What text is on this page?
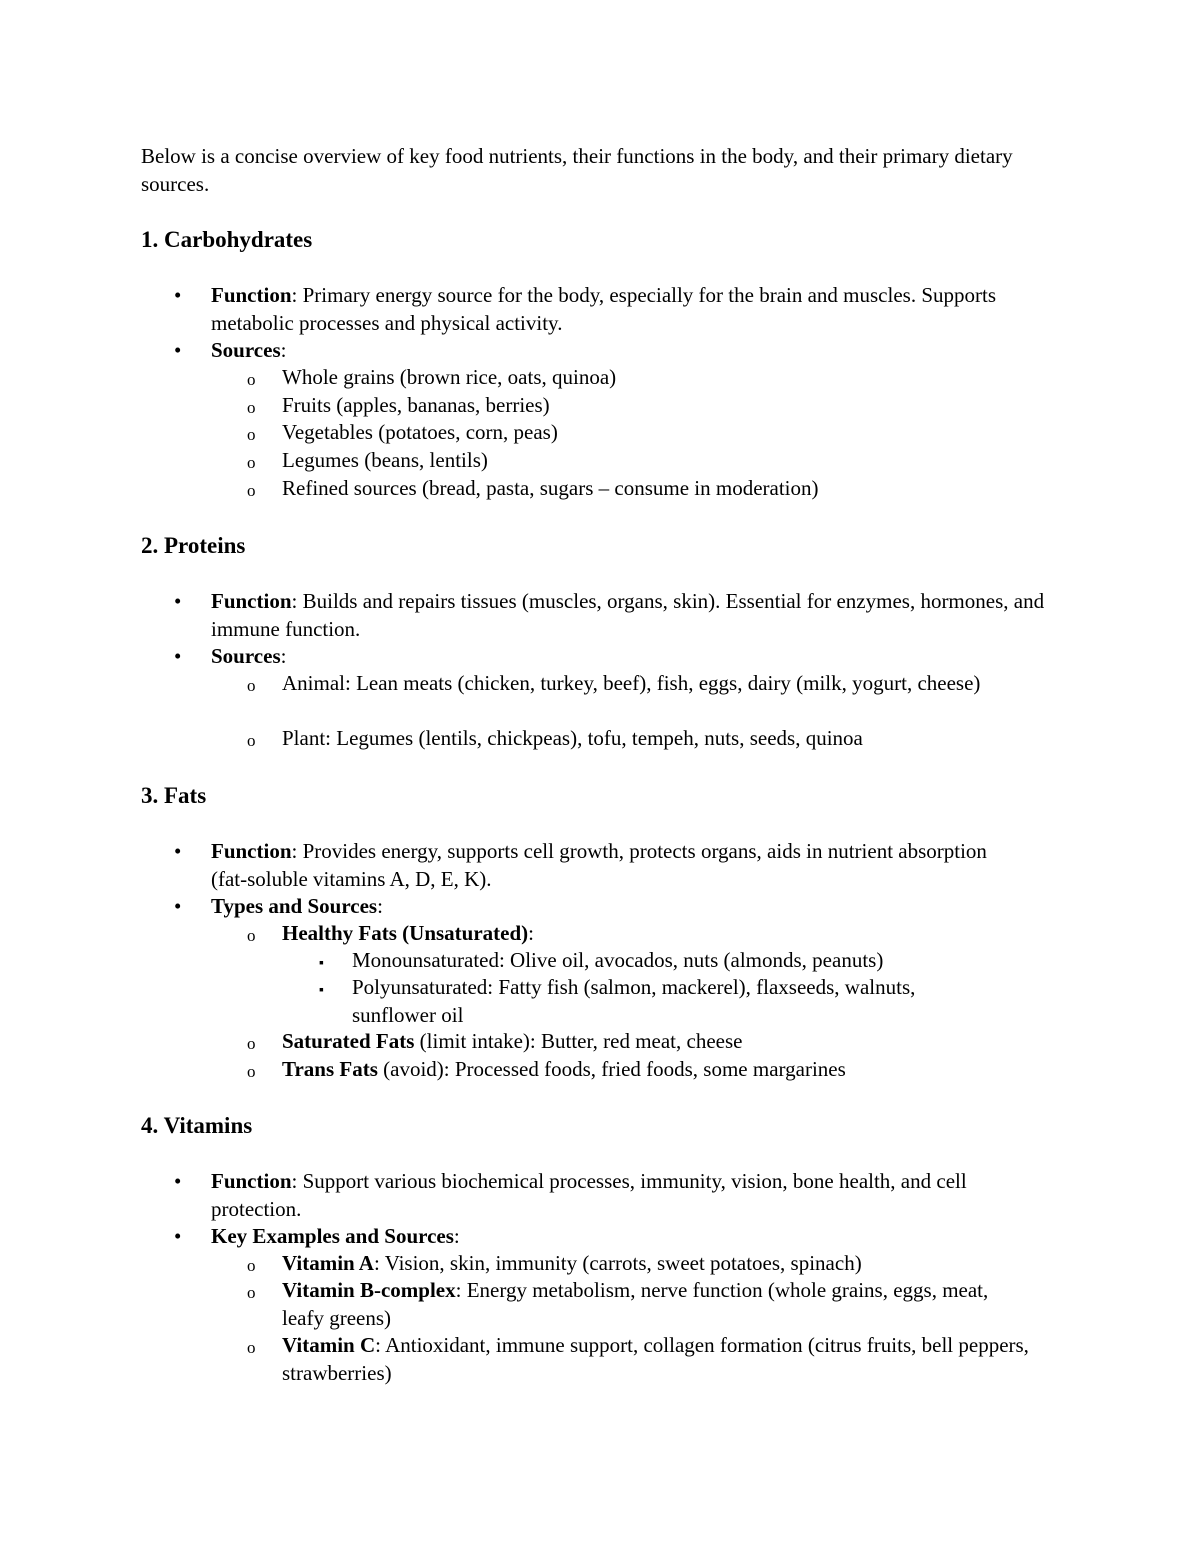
Below is a concise overview of key food nutrients, their functions in the body, and their primary dietary sources.

1. Carbohydrates
• Function: Primary energy source for the body, especially for the brain and muscles. Supports metabolic processes and physical activity.

• Sources:

o Whole grains (brown rice, oats, quinoa)

o Fruits (apples, bananas, berries)

o Vegetables (potatoes, corn, peas)

o Legumes (beans, lentils)

o Refined sources (bread, pasta, sugars – consume in moderation)

2. Proteins
• Function: Builds and repairs tissues (muscles, organs, skin). Essential for enzymes, hormones, and immune function.

• Sources:

o Animal: Lean meats (chicken, turkey, beef), fish, eggs, dairy (milk, yogurt, cheese)

o Plant: Legumes (lentils, chickpeas), tofu, tempeh, nuts, seeds, quinoa

3. Fats
• Function: Provides energy, supports cell growth, protects organs, aids in nutrient absorption (fat-soluble vitamins A, D, E, K).

• Types and Sources:

o Healthy Fats (Unsaturated):

▪ Monounsaturated: Olive oil, avocados, nuts (almonds, peanuts)

▪ Polyunsaturated: Fatty fish (salmon, mackerel), flaxseeds, walnuts, sunflower oil

o Saturated Fats (limit intake): Butter, red meat, cheese

o Trans Fats (avoid): Processed foods, fried foods, some margarines

4. Vitamins
• Function: Support various biochemical processes, immunity, vision, bone health, and cell protection.

• Key Examples and Sources:

o Vitamin A: Vision, skin, immunity (carrots, sweet potatoes, spinach)

o Vitamin B-complex: Energy metabolism, nerve function (whole grains, eggs, meat, leafy greens)

o Vitamin C: Antioxidant, immune support, collagen formation (citrus fruits, bell peppers, strawberries)
